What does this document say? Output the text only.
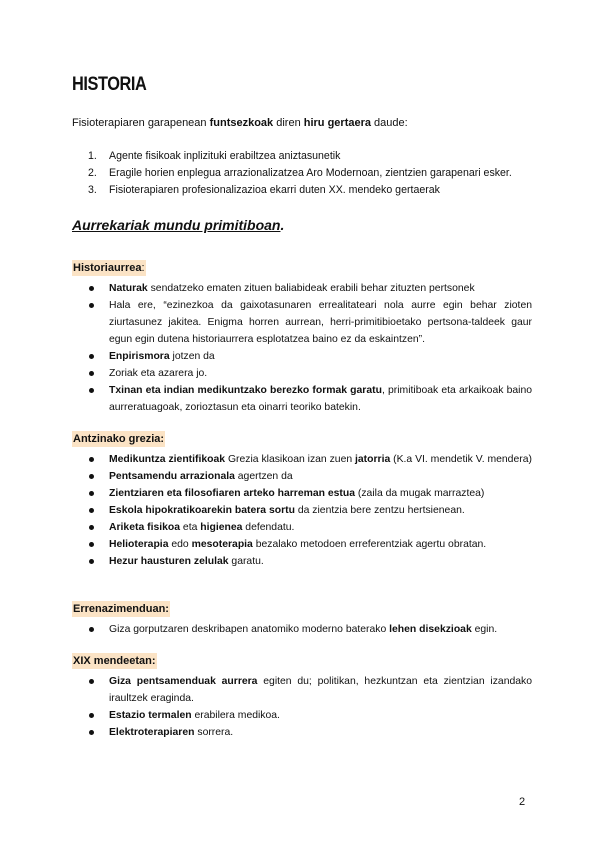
HISTORIA

Fisioterapiaren garapenean funtsezkoak diren hiru gertaera daude:

1. Agente fisikoak inplizituki erabiltzea aniztasunetik
2. Eragile horien enplegua arrazionalizatzea Aro Modernoan, zientzien garapenari esker.
3. Fisioterapiaren profesionalizazioa ekarri duten XX. mendeko gertaerak
Aurrekariak mundu primitiboan.
Historiaurrea:
Naturak sendatzeko ematen zituen baliabideak erabili behar zituzten pertsonek
Hala ere, “ezinezkoa da gaixotasunaren errealitateari nola aurre egin behar zioten ziurtasunez jakitea. Enigma horren aurrean, herri-primitibioetako pertsona-taldeek gaur egun egin dutena historiaurrera esplotatzea baino ez da eskaintzen”.
Enpirismora jotzen da
Zoriak eta azarera jo.
Txinan eta indian medikuntzako berezko formak garatu, primitiboak eta arkaikoak baino aurreratuagoak, zorioztasun eta oinarri teoriko batekin.
Antzinako grezia:
Medikuntza zientifikoak Grezia klasikoan izan zuen jatorria (K.a VI. mendetik V. mendera)
Pentsamendu arrazionala agertzen da
Zientziaren eta filosofiaren arteko harreman estua (zaila da mugak marraztea)
Eskola hipokratikoarekin batera sortu da zientzia bere zentzu hertsienean.
Ariketa fisikoa eta higienea defendatu.
Helioterapia edo mesoterapia bezalako metodoen erreferentziak agertu obratan.
Hezur hausturen zelulak garatu.
Errenazimenduan:
Giza gorputzaren deskribapen anatomiko moderno baterako lehen disekzioak egin.
XIX mendeetan:
Giza pentsamenduak aurrera egiten du; politikan, hezkuntzan eta zientzian izandako iraultzek eraginda.
Estazio termalen erabilera medikoa.
Elektroterapiaren sorrera.
2
